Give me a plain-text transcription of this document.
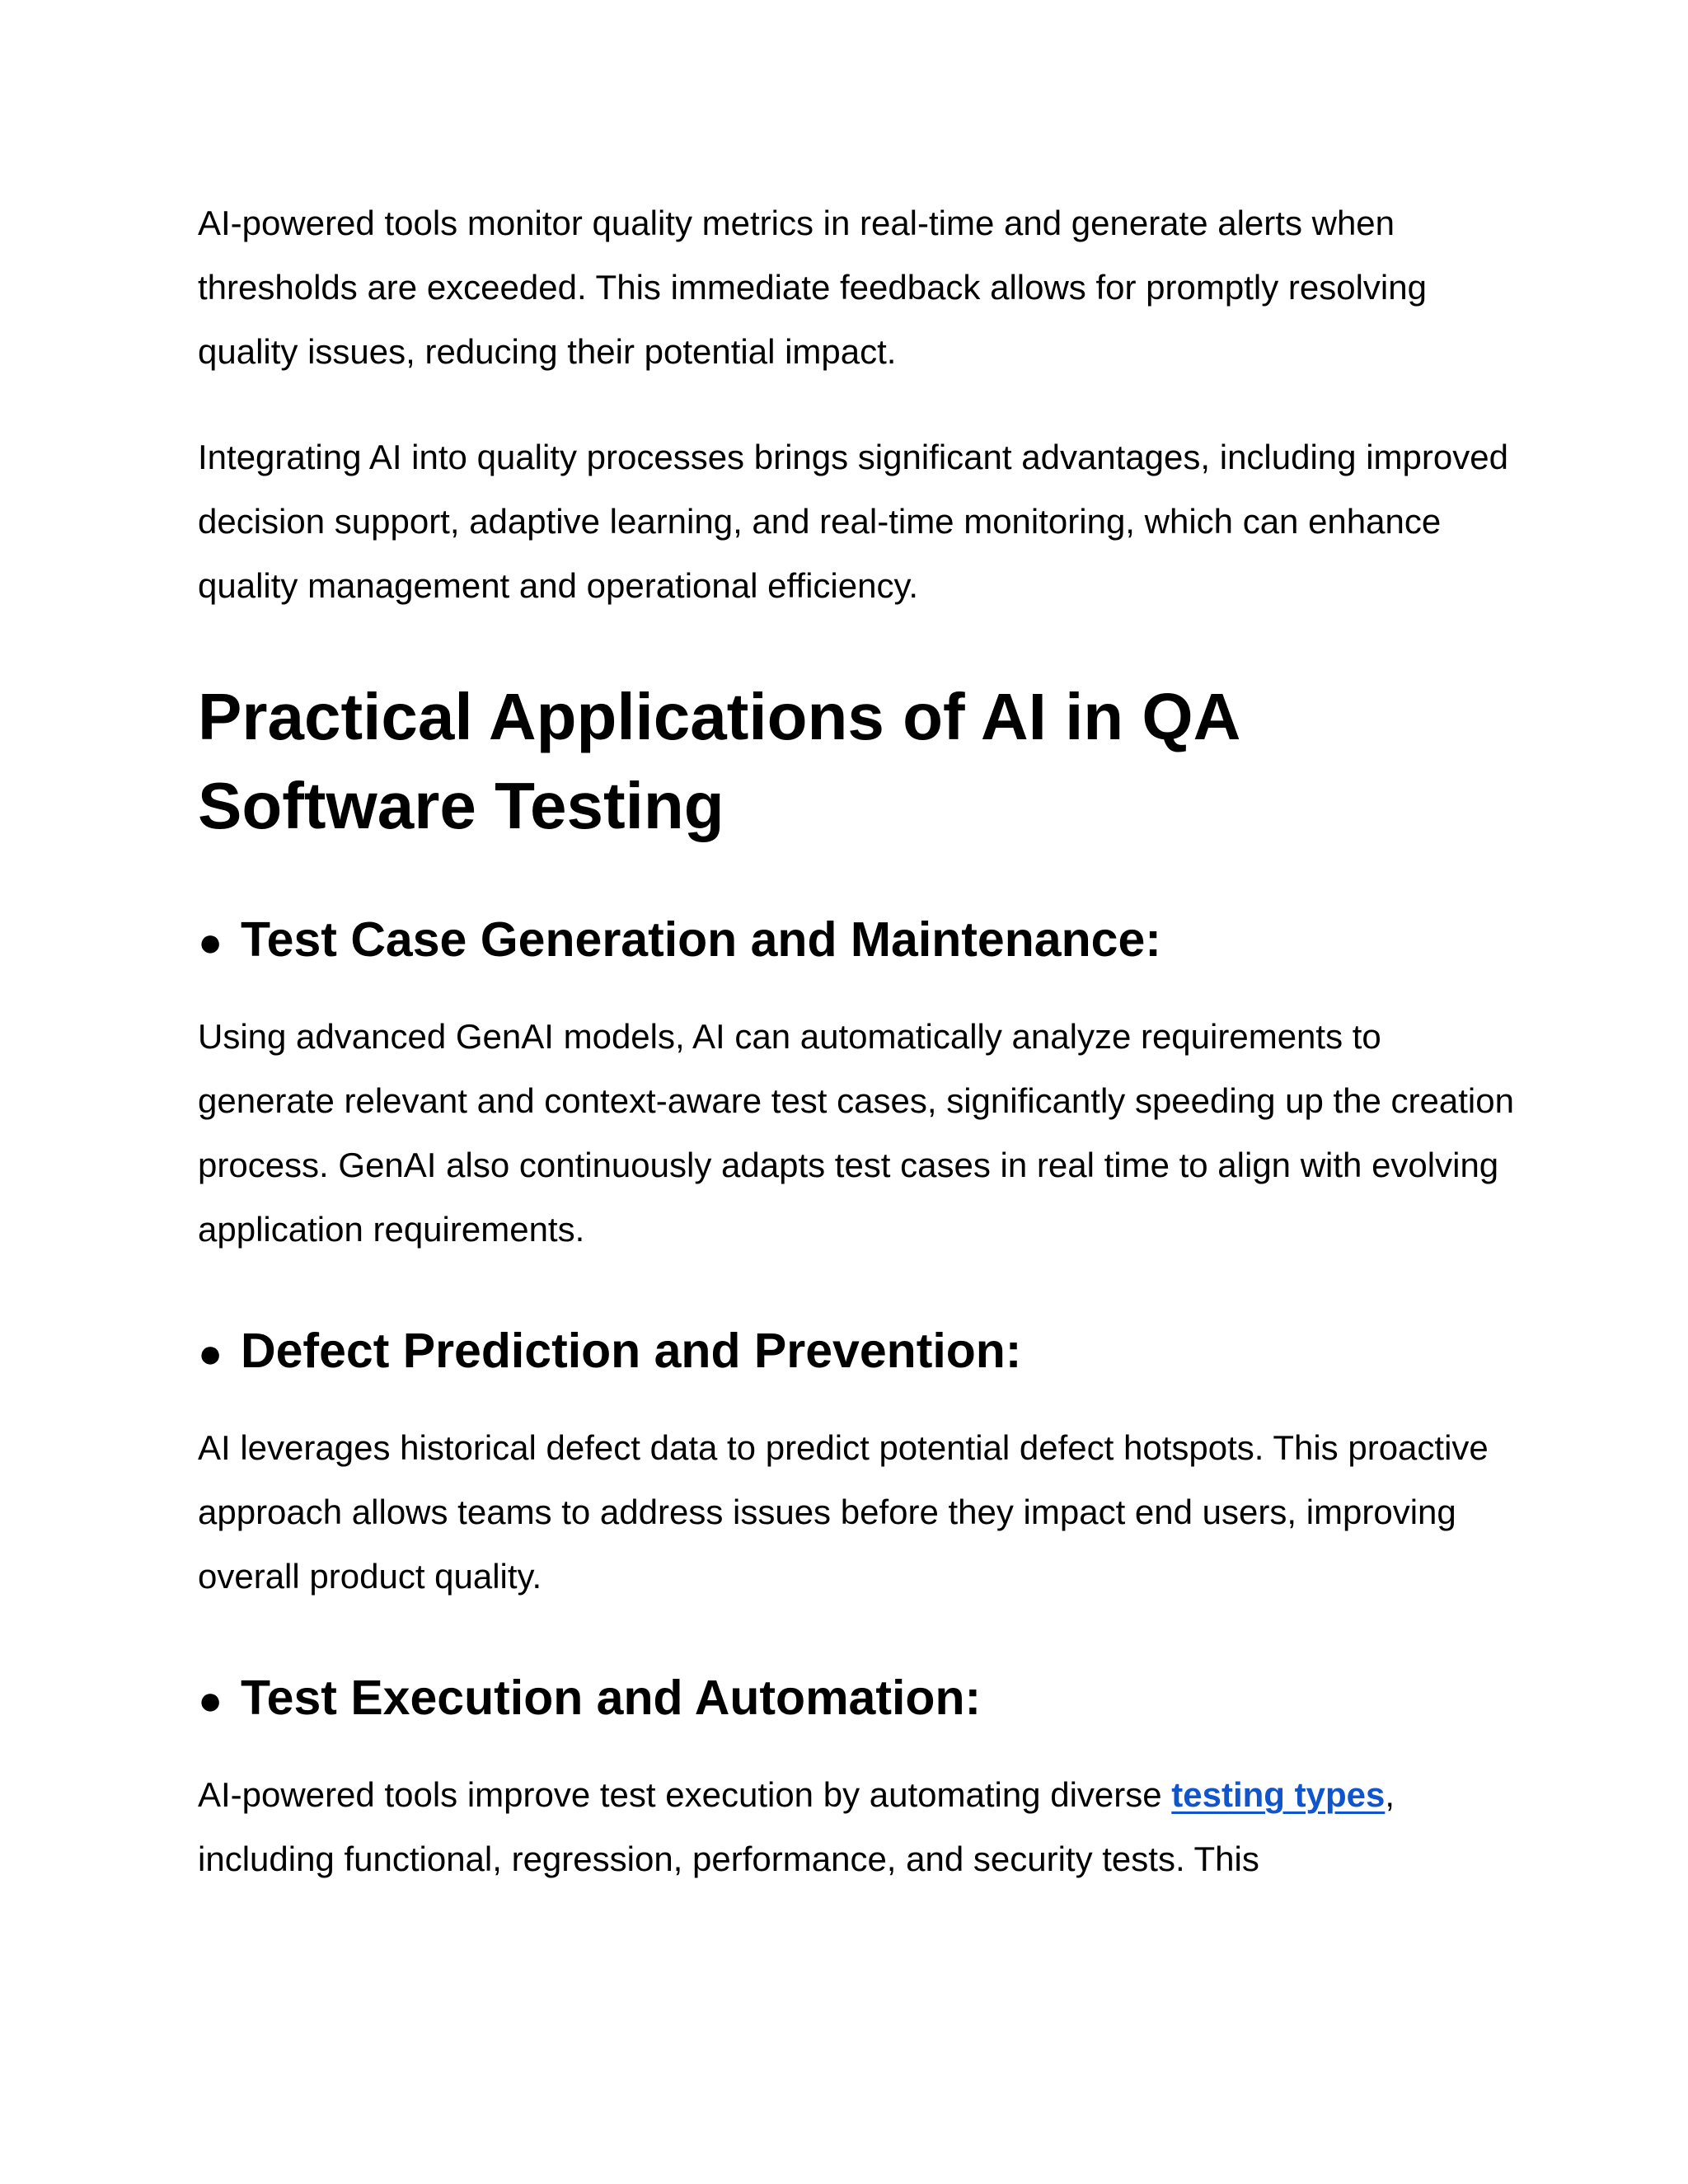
AI-powered tools monitor quality metrics in real-time and generate alerts when thresholds are exceeded. This immediate feedback allows for promptly resolving quality issues, reducing their potential impact.

Integrating AI into quality processes brings significant advantages, including improved decision support, adaptive learning, and real-time monitoring, which can enhance quality management and operational efficiency.

Practical Applications of AI in QA Software Testing
● Test Case Generation and Maintenance:

Using advanced GenAI models, AI can automatically analyze requirements to generate relevant and context-aware test cases, significantly speeding up the creation process. GenAI also continuously adapts test cases in real time to align with evolving application requirements.

● Defect Prediction and Prevention:

AI leverages historical defect data to predict potential defect hotspots. This proactive approach allows teams to address issues before they impact end users, improving overall product quality.

● Test Execution and Automation:

AI-powered tools improve test execution by automating diverse testing types, including functional, regression, performance, and security tests. This
